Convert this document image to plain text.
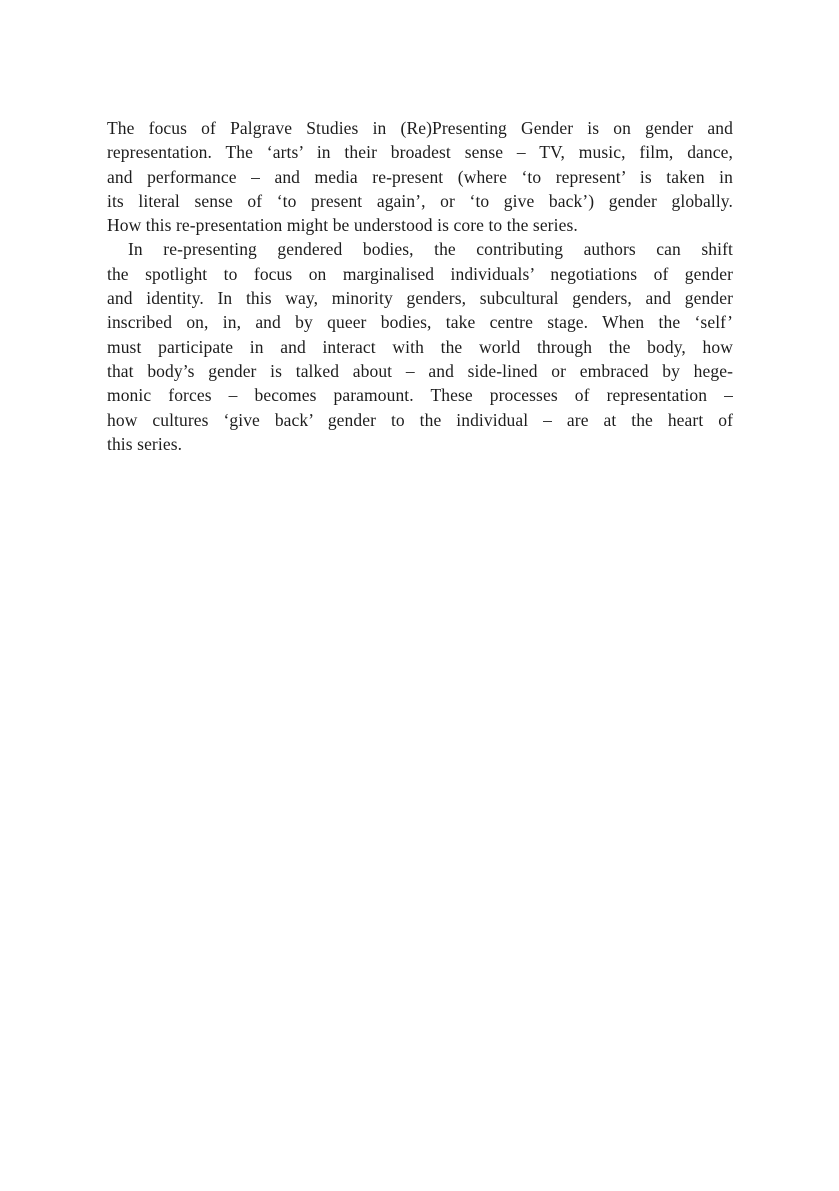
The focus of Palgrave Studies in (Re)Presenting Gender is on gender and
representation. The ‘arts’ in their broadest sense – TV, music, film, dance,
and performance – and media re-present (where ‘to represent’ is taken in
its literal sense of ‘to present again’, or ‘to give back’) gender globally.
How this re-presentation might be understood is core to the series.
In re-presenting gendered bodies, the contributing authors can shift
the spotlight to focus on marginalised individuals’ negotiations of gender
and identity. In this way, minority genders, subcultural genders, and gender
inscribed on, in, and by queer bodies, take centre stage. When the ‘self’
must participate in and interact with the world through the body, how
that body’s gender is talked about – and side-lined or embraced by hege-
monic forces – becomes paramount. These processes of representation –
how cultures ‘give back’ gender to the individual – are at the heart of
this series.
